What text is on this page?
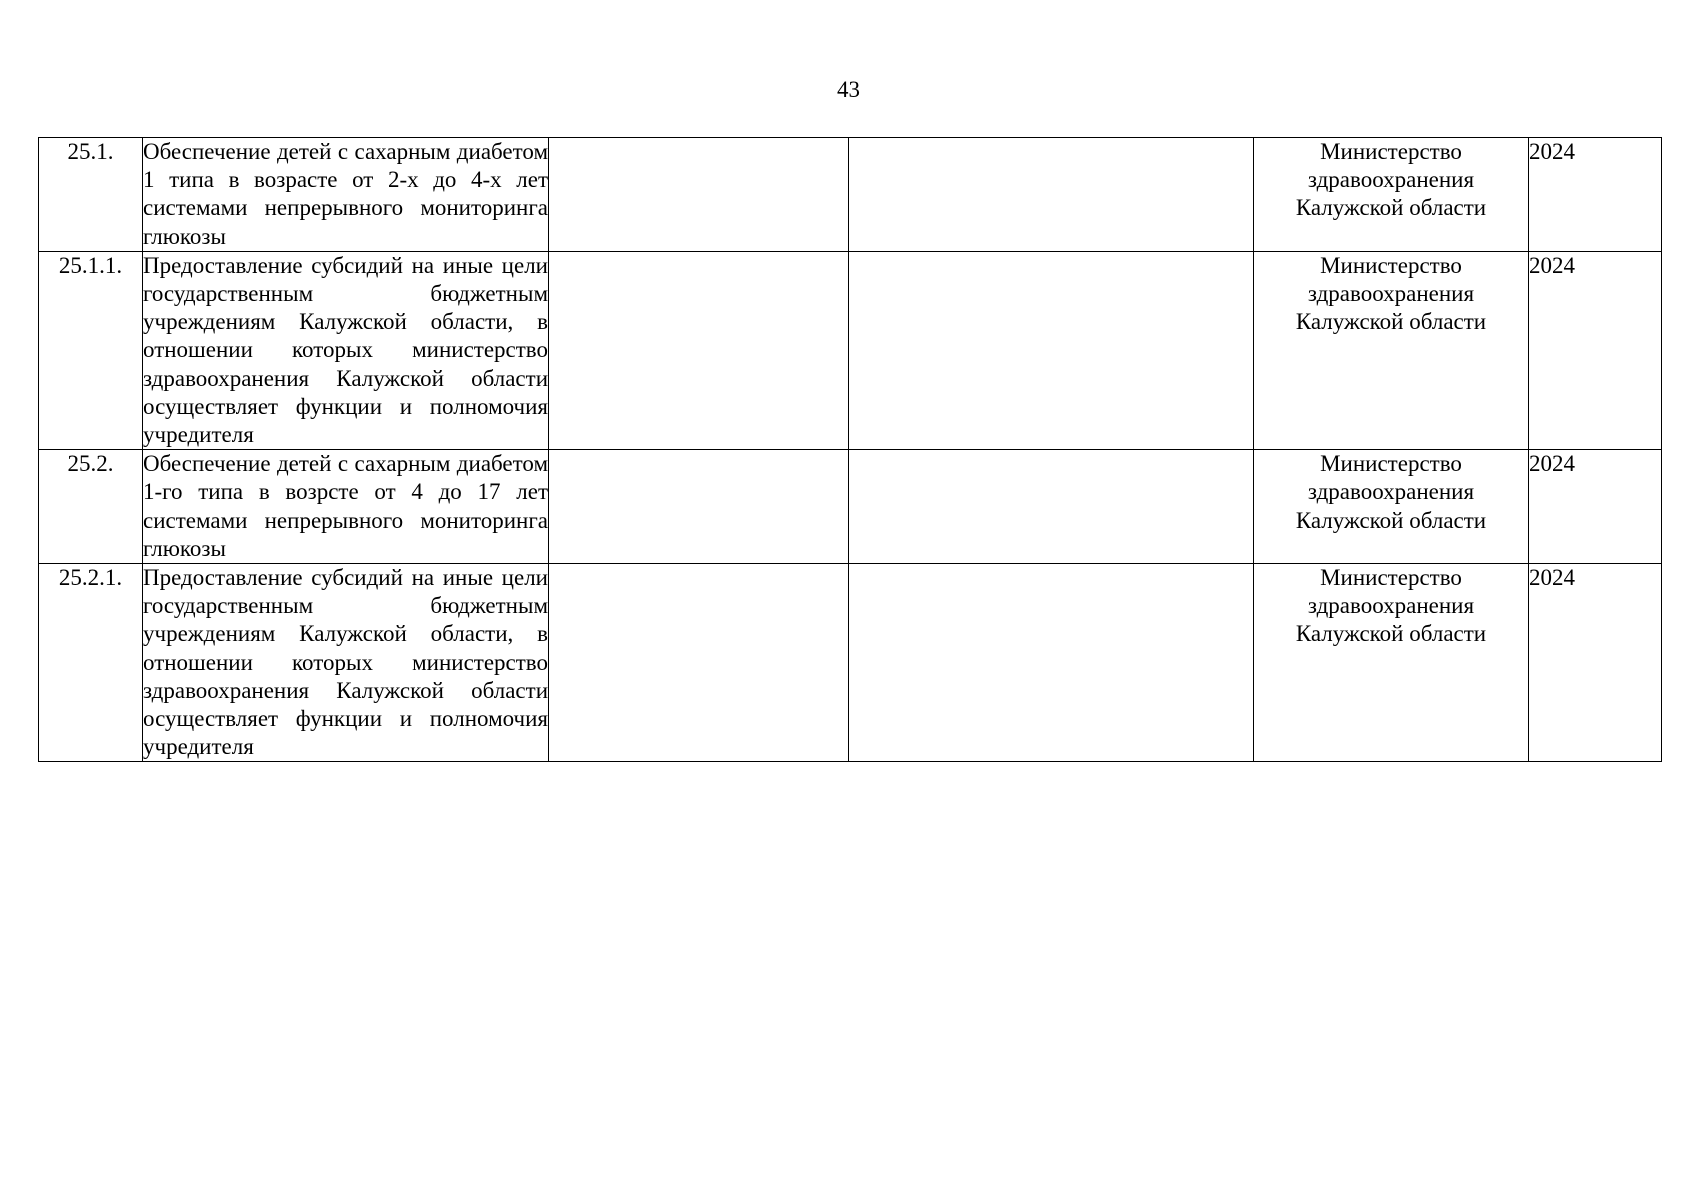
43
25.1.	Обеспечение детей с сахарным диабетом 1 типа в возрасте от 2-х до 4-х лет системами непрерывного мониторинга глюкозы			Министерство здравоохранения Калужской области	2024
25.1.1.	Предоставление субсидий на иные цели государственным бюджетным учреждениям Калужской области, в отношении которых министерство здравоохранения Калужской области осуществляет функции и полномочия учредителя			Министерство здравоохранения Калужской области	2024
25.2.	Обеспечение детей с сахарным диабетом 1-го типа в возрсте от 4 до 17 лет системами непрерывного мониторинга глюкозы			Министерство здравоохранения Калужской области	2024
25.2.1.	Предоставление субсидий на иные цели государственным бюджетным учреждениям Калужской области, в отношении которых министерство здравоохранения Калужской области осуществляет функции и полномочия учредителя			Министерство здравоохранения Калужской области	2024
